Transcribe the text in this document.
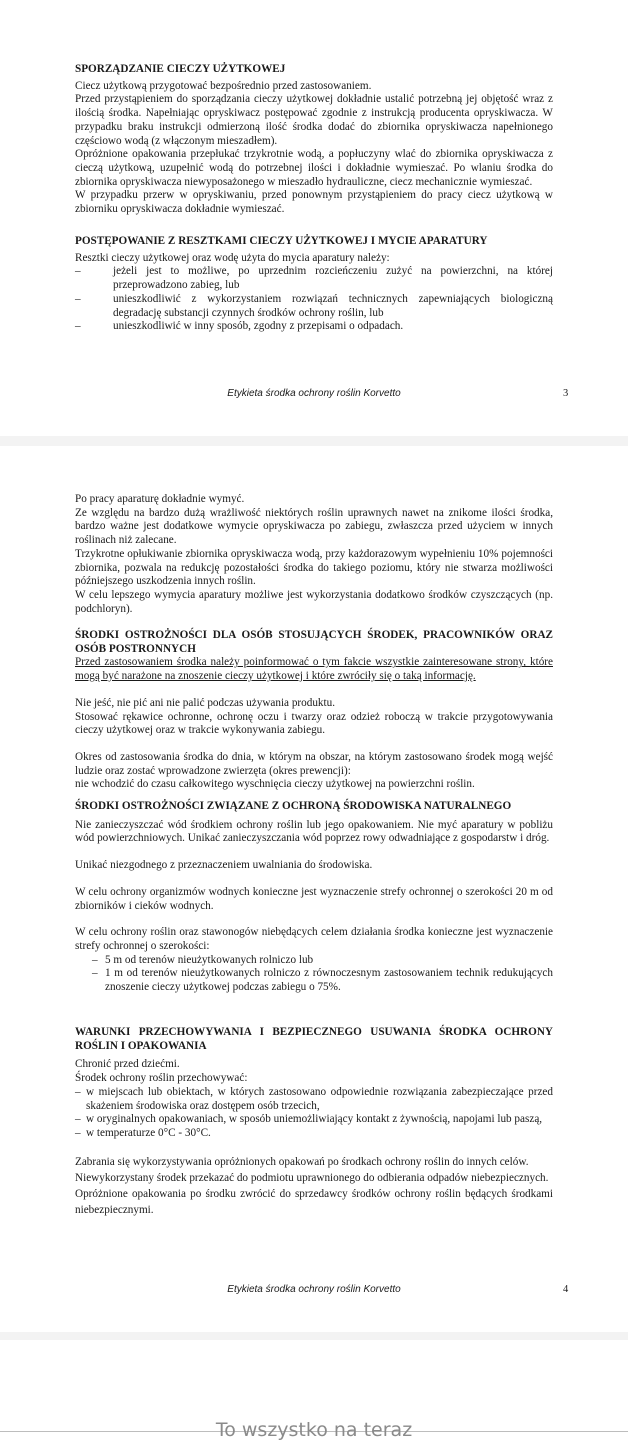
SPORZĄDZANIE CIECZY UŻYTKOWEJ

Ciecz użytkową przygotować bezpośrednio przed zastosowaniem.

Przed przystąpieniem do sporządzania cieczy użytkowej dokładnie ustalić potrzebną jej objętość wraz z ilością środka. Napełniając opryskiwacz postępować zgodnie z instrukcją producenta opryskiwacza. W przypadku braku instrukcji odmierzoną ilość środka dodać do zbiornika opryskiwacza napełnionego częściowo wodą (z włączonym mieszadłem).

Opróżnione opakowania przepłukać trzykrotnie wodą, a popłuczyny wlać do zbiornika opryskiwacza z cieczą użytkową, uzupełnić wodą do potrzebnej ilości i dokładnie wymieszać. Po wlaniu środka do zbiornika opryskiwacza niewyposażonego w mieszadło hydrauliczne, ciecz mechanicznie wymieszać.

W przypadku przerw w opryskiwaniu, przed ponownym przystąpieniem do pracy ciecz użytkową w zbiorniku opryskiwacza dokładnie wymieszać.

POSTĘPOWANIE Z RESZTKAMI CIECZY UŻYTKOWEJ I MYCIE APARATURY

Resztki cieczy użytkowej oraz wodę użyta do mycia aparatury należy:

–	jeżeli jest to możliwe, po uprzednim rozcieńczeniu zużyć na powierzchni, na której przeprowadzono zabieg, lub
–	unieszkodliwić z wykorzystaniem rozwiązań technicznych zapewniających biologiczną degradację substancji czynnych środków ochrony roślin, lub
–	unieszkodliwić w inny sposób, zgodny z przepisami o odpadach.
Etykieta środka ochrony roślin Korvetto	3

Po pracy aparaturę dokładnie wymyć.

Ze względu na bardzo dużą wrażliwość niektórych roślin uprawnych nawet na znikome ilości środka, bardzo ważne jest dodatkowe wymycie opryskiwacza po zabiegu, zwłaszcza przed użyciem w innych roślinach niż zalecane.

Trzykrotne opłukiwanie zbiornika opryskiwacza wodą, przy każdorazowym wypełnieniu 10% pojemności zbiornika, pozwala na redukcję pozostałości środka do takiego poziomu, który nie stwarza możliwości późniejszego uszkodzenia innych roślin.

W celu lepszego wymycia aparatury możliwe jest wykorzystania dodatkowo środków czyszczących (np. podchloryn).

ŚRODKI OSTROŻNOŚCI DLA OSÓB STOSUJĄCYCH ŚRODEK, PRACOWNIKÓW ORAZ OSÓB POSTRONNYCH

Przed zastosowaniem środka należy poinformować o tym fakcie wszystkie zainteresowane strony, które mogą być narażone na znoszenie cieczy użytkowej i które zwróciły się o taką informację.

Nie jeść, nie pić ani nie palić podczas używania produktu.

Stosować rękawice ochronne, ochronę oczu i twarzy oraz odzież roboczą w trakcie przygotowywania cieczy użytkowej oraz w trakcie wykonywania zabiegu.

Okres od zastosowania środka do dnia, w którym na obszar, na którym zastosowano środek mogą wejść ludzie oraz zostać wprowadzone zwierzęta (okres prewencji):

nie wchodzić do czasu całkowitego wyschnięcia cieczy użytkowej na powierzchni roślin.

ŚRODKI OSTROŻNOŚCI ZWIĄZANE Z OCHRONĄ ŚRODOWISKA NATURALNEGO

Nie zanieczyszczać wód środkiem ochrony roślin lub jego opakowaniem. Nie myć aparatury w pobliżu wód powierzchniowych. Unikać zanieczyszczania wód poprzez rowy odwadniające z gospodarstw i dróg.

Unikać niezgodnego z przeznaczeniem uwalniania do środowiska.

W celu ochrony organizmów wodnych konieczne jest wyznaczenie strefy ochronnej o szerokości 20 m od zbiorników i cieków wodnych.

W celu ochrony roślin oraz stawonogów niebędących celem działania środka konieczne jest wyznaczenie strefy ochronnej o szerokości:

– 5 m od terenów nieużytkowanych rolniczo lub
– 1 m od terenów nieużytkowanych rolniczo z równoczesnym zastosowaniem technik redukujących znoszenie cieczy użytkowej podczas zabiegu o 75%.
WARUNKI PRZECHOWYWANIA I BEZPIECZNEGO USUWANIA ŚRODKA OCHRONY ROŚLIN I OPAKOWANIA

Chronić przed dziećmi.

Środek ochrony roślin przechowywać:

– w miejscach lub obiektach, w których zastosowano odpowiednie rozwiązania zabezpieczające przed skażeniem środowiska oraz dostępem osób trzecich,
– w oryginalnych opakowaniach, w sposób uniemożliwiający kontakt z żywnością, napojami lub paszą,
– w temperaturze 0°C - 30°C.

Zabrania się wykorzystywania opróżnionych opakowań po środkach ochrony roślin do innych celów.

Niewykorzystany środek przekazać do podmiotu uprawnionego do odbierania odpadów niebezpiecznych.

Opróżnione opakowania po środku zwrócić do sprzedawcy środków ochrony roślin będących środkami niebezpiecznymi.

Etykieta środka ochrony roślin Korvetto	4
To wszystko na teraz
